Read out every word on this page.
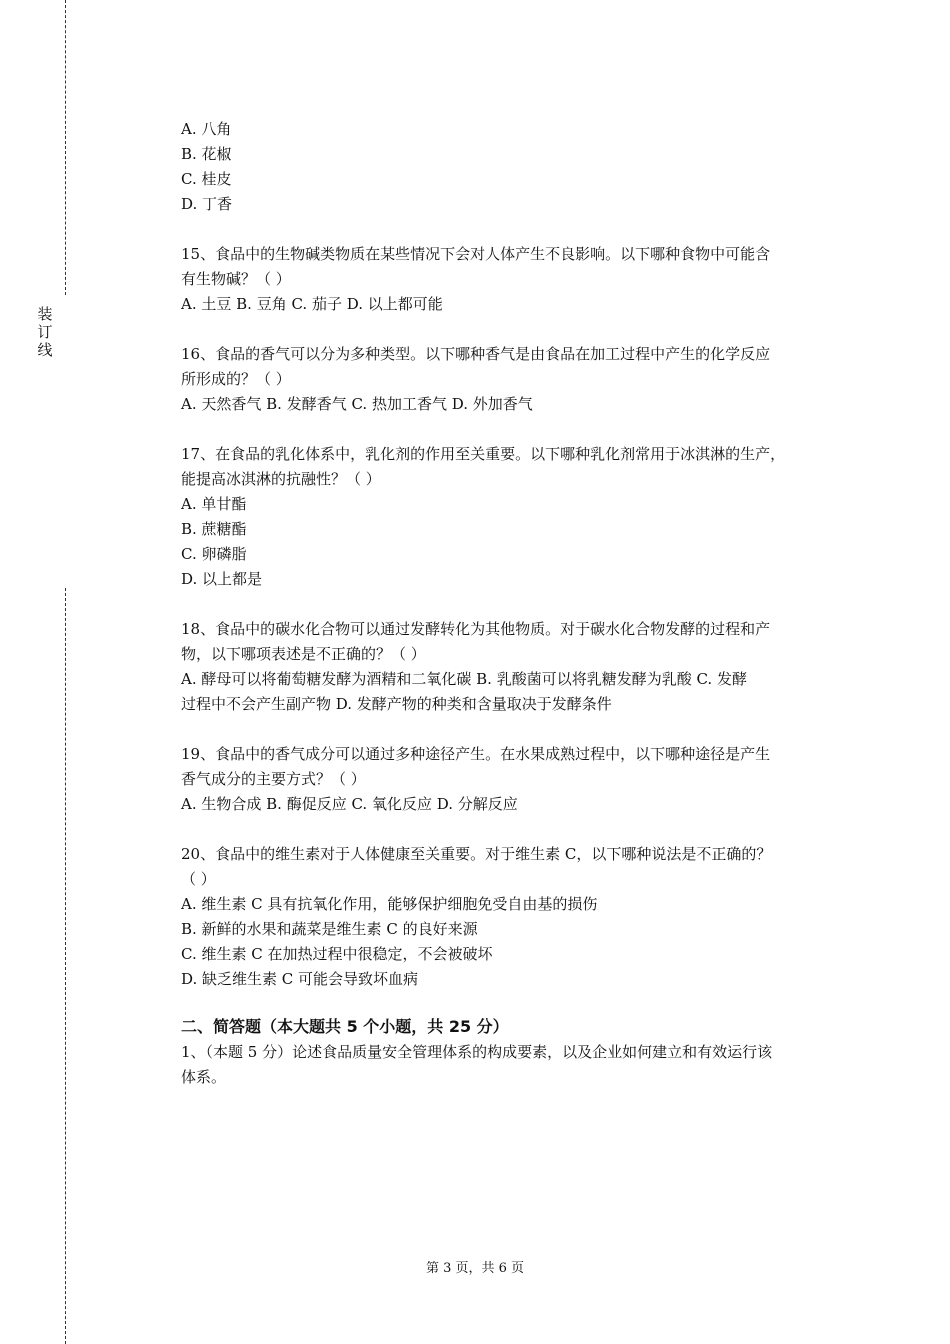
装订线
A. 八角
B. 花椒
C. 桂皮
D. 丁香
15、食品中的生物碱类物质在某些情况下会对人体产生不良影响。以下哪种食物中可能含
有生物碱？（ ）
A. 土豆 B. 豆角 C. 茄子 D. 以上都可能
16、食品的香气可以分为多种类型。以下哪种香气是由食品在加工过程中产生的化学反应
所形成的？（ ）
A. 天然香气 B. 发酵香气 C. 热加工香气 D. 外加香气
17、在食品的乳化体系中，乳化剂的作用至关重要。以下哪种乳化剂常用于冰淇淋的生产，
能提高冰淇淋的抗融性？（ ）
A. 单甘酯
B. 蔗糖酯
C. 卵磷脂
D. 以上都是
18、食品中的碳水化合物可以通过发酵转化为其他物质。对于碳水化合物发酵的过程和产
物，以下哪项表述是不正确的？（ ）
A. 酵母可以将葡萄糖发酵为酒精和二氧化碳 B. 乳酸菌可以将乳糖发酵为乳酸 C. 发酵
过程中不会产生副产物 D. 发酵产物的种类和含量取决于发酵条件
19、食品中的香气成分可以通过多种途径产生。在水果成熟过程中，以下哪种途径是产生
香气成分的主要方式？（ ）
A. 生物合成 B. 酶促反应 C. 氧化反应 D. 分解反应
20、食品中的维生素对于人体健康至关重要。对于维生素 C，以下哪种说法是不正确的？
（ ）
A. 维生素 C 具有抗氧化作用，能够保护细胞免受自由基的损伤
B. 新鲜的水果和蔬菜是维生素 C 的良好来源
C. 维生素 C 在加热过程中很稳定，不会被破坏
D. 缺乏维生素 C 可能会导致坏血病
二、简答题（本大题共 5 个小题，共 25 分）
1、（本题 5 分）论述食品质量安全管理体系的构成要素，以及企业如何建立和有效运行该
体系。
第 3 页，共 6 页
